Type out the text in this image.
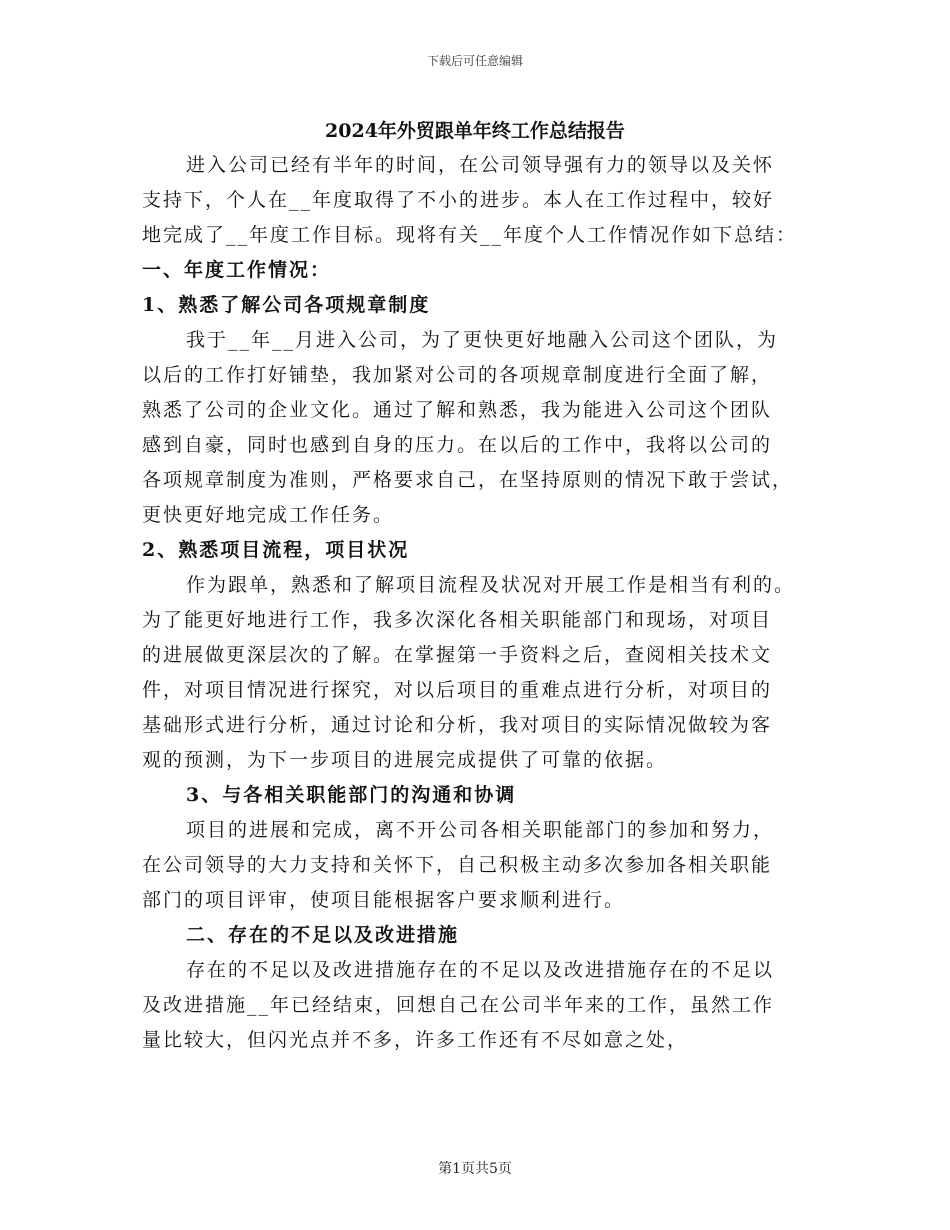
下载后可任意编辑
2024年外贸跟单年终工作总结报告
进入公司已经有半年的时间，在公司领导强有力的领导以及关怀
支持下，个人在__年度取得了不小的进步。本人在工作过程中，较好
地完成了__年度工作目标。现将有关__年度个人工作情况作如下总结：
一、年度工作情况：
1、熟悉了解公司各项规章制度
我于__年__月进入公司，为了更快更好地融入公司这个团队，为
以后的工作打好铺垫，我加紧对公司的各项规章制度进行全面了解，
熟悉了公司的企业文化。通过了解和熟悉，我为能进入公司这个团队
感到自豪，同时也感到自身的压力。在以后的工作中，我将以公司的
各项规章制度为准则，严格要求自己，在坚持原则的情况下敢于尝试，
更快更好地完成工作任务。
2、熟悉项目流程，项目状况
作为跟单，熟悉和了解项目流程及状况对开展工作是相当有利的。
为了能更好地进行工作，我多次深化各相关职能部门和现场，对项目
的进展做更深层次的了解。在掌握第一手资料之后，查阅相关技术文
件，对项目情况进行探究，对以后项目的重难点进行分析，对项目的
基础形式进行分析，通过讨论和分析，我对项目的实际情况做较为客
观的预测，为下一步项目的进展完成提供了可靠的依据。
3、与各相关职能部门的沟通和协调
项目的进展和完成，离不开公司各相关职能部门的参加和努力，
在公司领导的大力支持和关怀下，自己积极主动多次参加各相关职能
部门的项目评审，使项目能根据客户要求顺利进行。
二、存在的不足以及改进措施
存在的不足以及改进措施存在的不足以及改进措施存在的不足以
及改进措施__年已经结束，回想自己在公司半年来的工作，虽然工作
量比较大，但闪光点并不多，许多工作还有不尽如意之处，
第1页共5页
